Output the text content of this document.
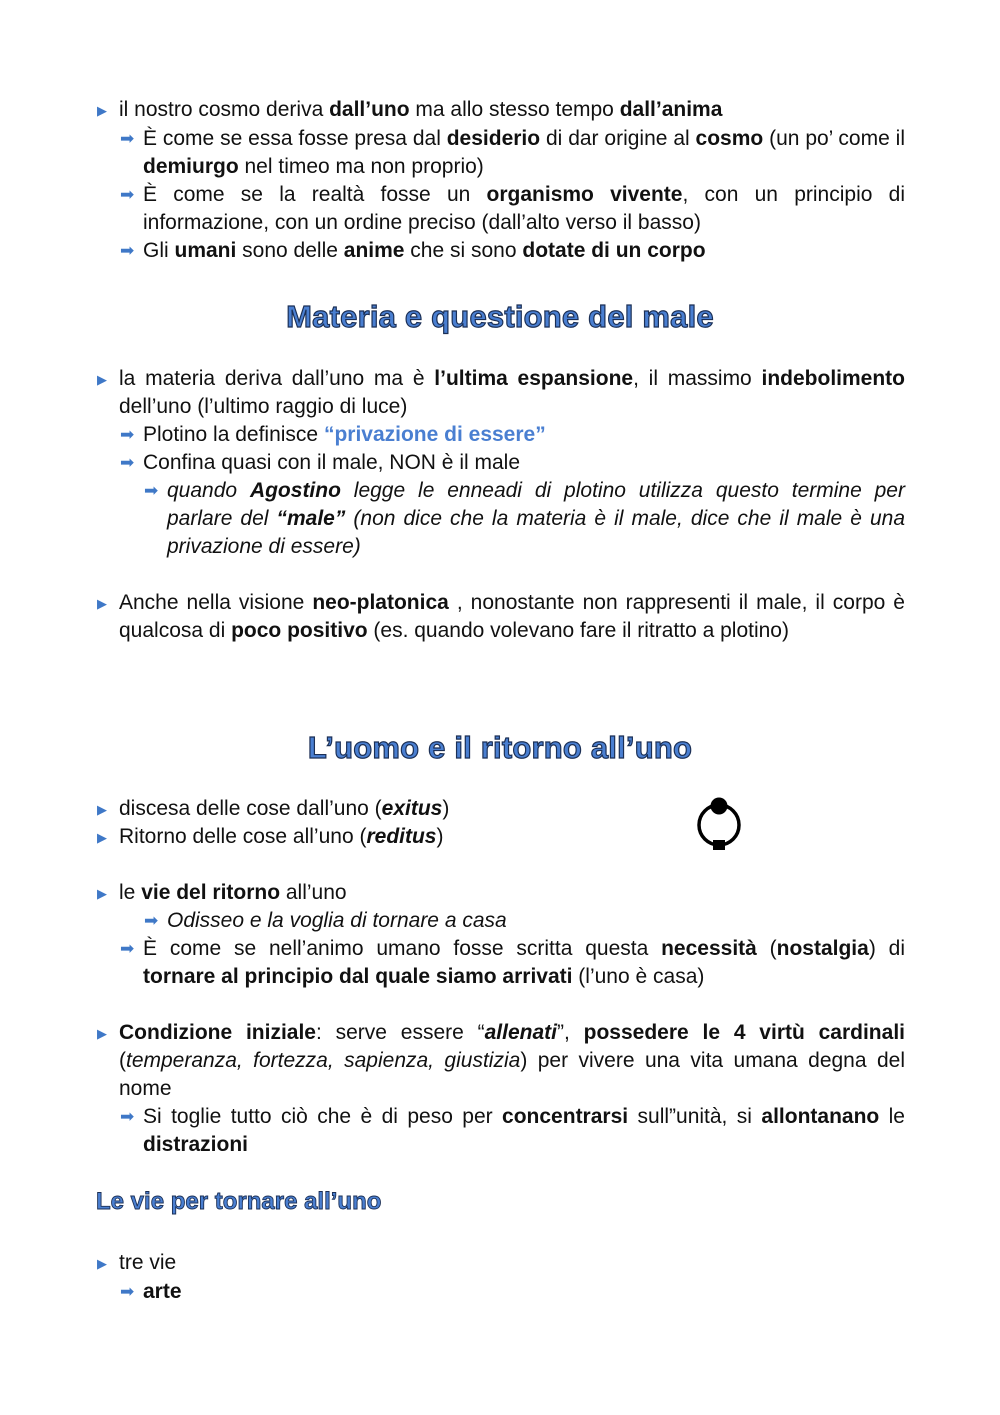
▶ il nostro cosmo deriva dall’uno ma allo stesso tempo dall’anima
➡ È come se essa fosse presa dal desiderio di dar origine al cosmo (un po’ come il demiurgo nel timeo ma non proprio)
➡ È come se la realtà fosse un organismo vivente, con un principio di informazione, con un ordine preciso (dall’alto verso il basso)
➡ Gli umani sono delle anime che si sono dotate di un corpo
Materia e questione del male
▶ la materia deriva dall’uno ma è l’ultima espansione, il massimo indebolimento dell’uno (l’ultimo raggio di luce)
➡ Plotino la definisce “privazione di essere”
➡ Confina quasi con il male, NON è il male
➡ quando Agostino legge le enneadi di plotino utilizza questo termine per parlare del “male” (non dice che la materia è il male, dice che il male è una privazione di essere)
▶ Anche nella visione neo-platonica , nonostante non rappresenti il male, il corpo è qualcosa di poco positivo (es. quando volevano fare il ritratto a plotino)
L’uomo e il ritorno all’uno
▶ discesa delle cose dall’uno (exitus)
▶ Ritorno delle cose all’uno (reditus)
▶ le vie del ritorno all’uno
➡ Odisseo e la voglia di tornare a casa
➡ È come se nell’animo umano fosse scritta questa necessità (nostalgia) di tornare al principio dal quale siamo arrivati (l’uno è casa)
▶ Condizione iniziale: serve essere “allenati”, possedere le 4 virtù cardinali (temperanza, fortezza, sapienza, giustizia) per vivere una vita umana degna del nome
➡ Si toglie tutto ciò che è di peso per concentrarsi sull”unità, si allontanano le distrazioni
Le vie per tornare all’uno
▶ tre vie
➡ arte
